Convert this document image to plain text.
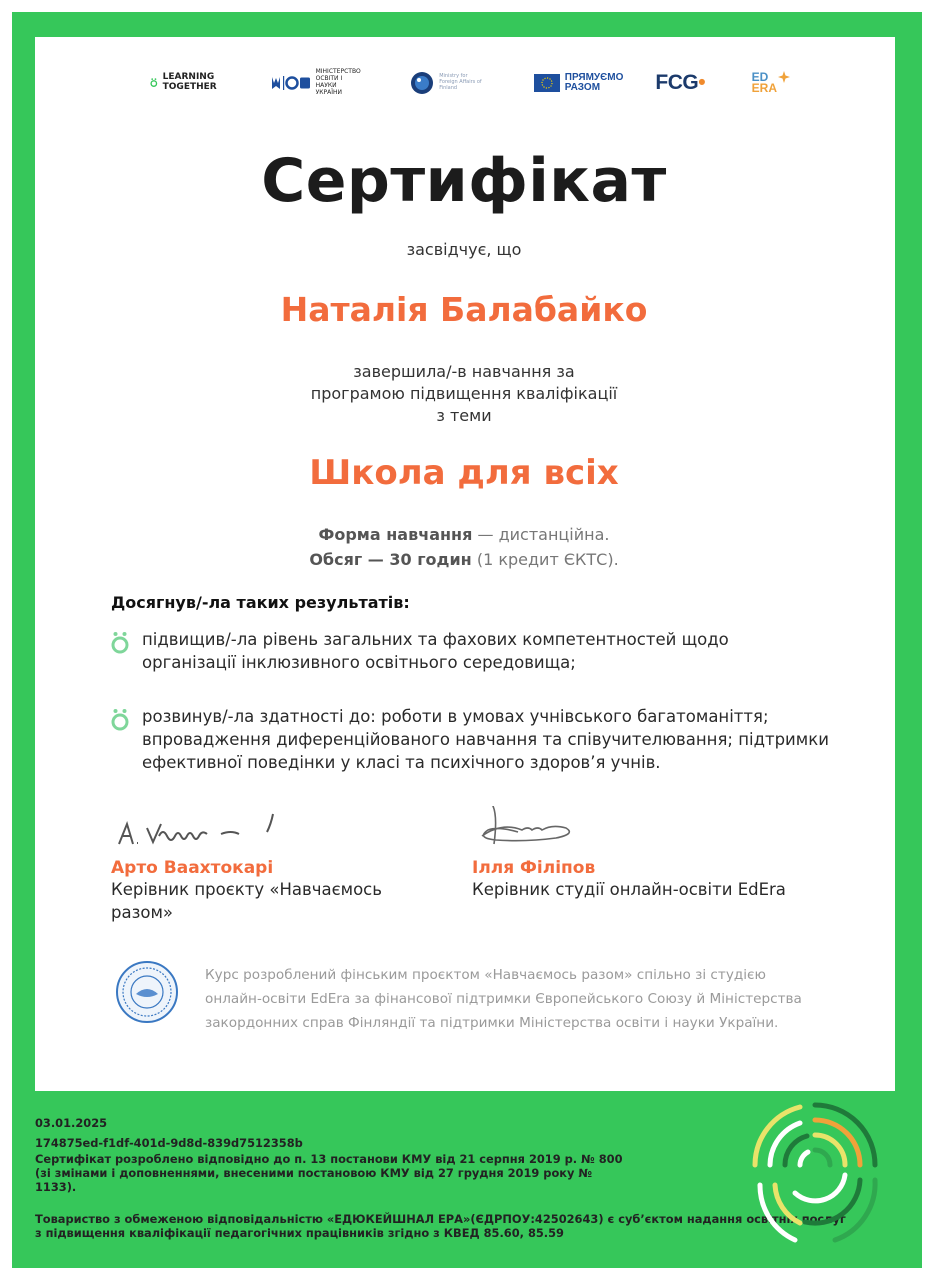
LEARNING TOGETHER
МІНІСТЕРСТВО ОСВІТИ І НАУКИ УКРАЇНИ
Ministry for Foreign Affairs of Finland
ПРЯМУЄМО РАЗОМ	FCG•	ED
ERA
Сертифікат
засвідчує, що
Наталія Балабайко
завершила/-в навчання за
програмою підвищення кваліфікації
з теми
Школа для всіх
Форма навчання — дистанційна.
Обсяг — 30 годин (1 кредит ЄКТС).
Досягнув/-ла таких результатів:
підвищив/-ла рівень загальних та фахових компетентностей щодо організації інклюзивного освітнього середовища;
розвинув/-ла здатності до: роботи в умовах учнівського багатоманіття; впровадження диференційованого навчання та співучителювання; підтримки ефективної поведінки у класі та психічного здоров’я учнів.
Арто Ваахтокарі
Керівник проєкту «Навчаємось разом»
Ілля Філіпов
Керівник студії онлайн-освіти EdEra
Курс розроблений фінським проєктом «Навчаємось разом» спільно зі студією онлайн-освіти EdEra за фінансової підтримки Європейського Союзу й Міністерства закордонних справ Фінляндії та підтримки Міністерства освіти і науки України.
03.01.2025
174875ed-f1df-401d-9d8d-839d7512358b
Сертифікат розроблено відповідно до п. 13 постанови КМУ від 21 серпня 2019 р. № 800 (зі змінами і доповненнями, внесеними постановою КМУ від 27 грудня 2019 року № 1133).
Товариство з обмеженою відповідальністю «ЕДЮКЕЙШНАЛ ЕРА»(ЄДРПОУ:42502643) є суб’єктом надання освітніх послуг з підвищення кваліфікації педагогічних працівників згідно з КВЕД 85.60, 85.59
